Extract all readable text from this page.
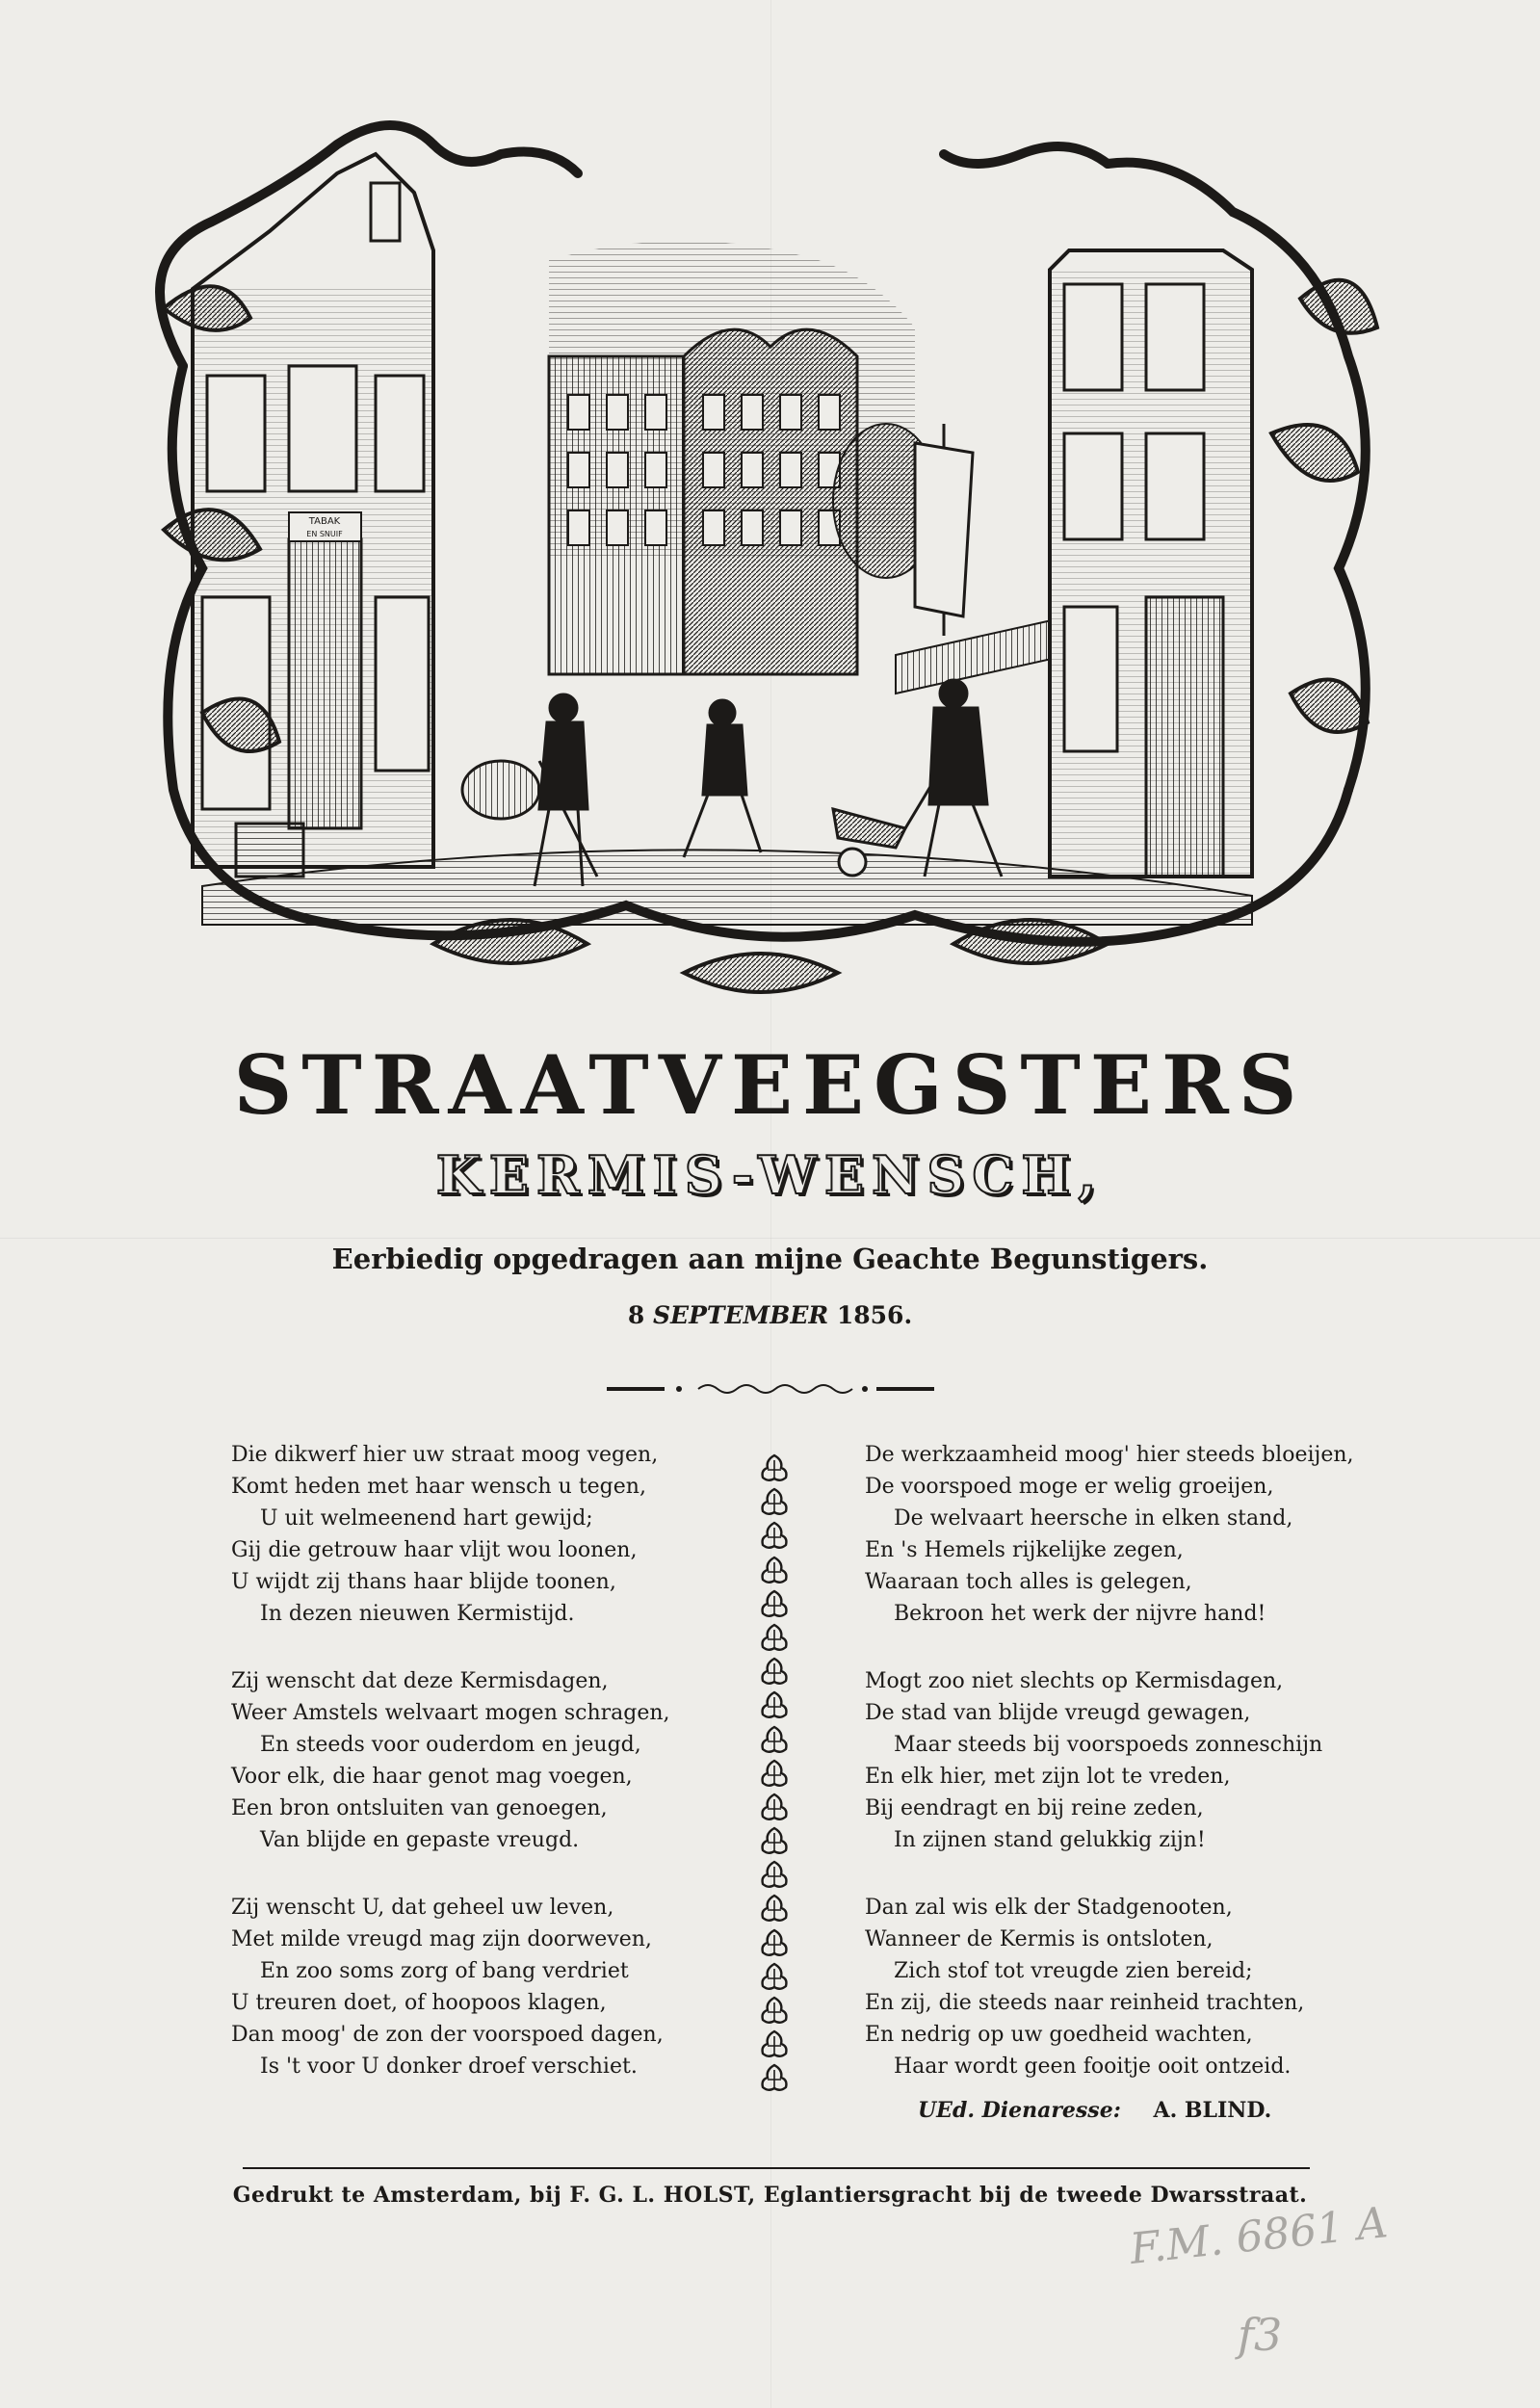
TABAK
EN SNUIF
STRAATVEEGSTERS
KERMIS-WENSCH,
Eerbiedig opgedragen aan mijne Geachte Begunstigers.
8 SEPTEMBER 1856.
Die dikwerf hier uw straat moog vegen,
Komt heden met haar wensch u tegen,
U uit welmeenend hart gewijd;
Gij die getrouw haar vlijt wou loonen,
U wijdt zij thans haar blijde toonen,
In dezen nieuwen Kermistijd.
Zij wenscht dat deze Kermisdagen,
Weer Amstels welvaart mogen schragen,
En steeds voor ouderdom en jeugd,
Voor elk, die haar genot mag voegen,
Een bron ontsluiten van genoegen,
Van blijde en gepaste vreugd.
Zij wenscht U, dat geheel uw leven,
Met milde vreugd mag zijn doorweven,
En zoo soms zorg of bang verdriet
U treuren doet, of hoopoos klagen,
Dan moog' de zon der voorspoed dagen,
Is 't voor U donker droef verschiet.
De werkzaamheid moog' hier steeds bloeijen,
De voorspoed moge er welig groeijen,
De welvaart heersche in elken stand,
En 's Hemels rijkelijke zegen,
Waaraan toch alles is gelegen,
Bekroon het werk der nijvre hand!
Mogt zoo niet slechts op Kermisdagen,
De stad van blijde vreugd gewagen,
Maar steeds bij voorspoeds zonneschijn
En elk hier, met zijn lot te vreden,
Bij eendragt en bij reine zeden,
In zijnen stand gelukkig zijn!
Dan zal wis elk der Stadgenooten,
Wanneer de Kermis is ontsloten,
Zich stof tot vreugde zien bereid;
En zij, die steeds naar reinheid trachten,
En nedrig op uw goedheid wachten,
Haar wordt geen fooitje ooit ontzeid.
UEd. Dienaresse: A. BLIND.
Gedrukt te Amsterdam, bij F. G. L. HOLST, Eglantiersgracht bij de tweede Dwarsstraat.
F.M. 6861 A
f3
